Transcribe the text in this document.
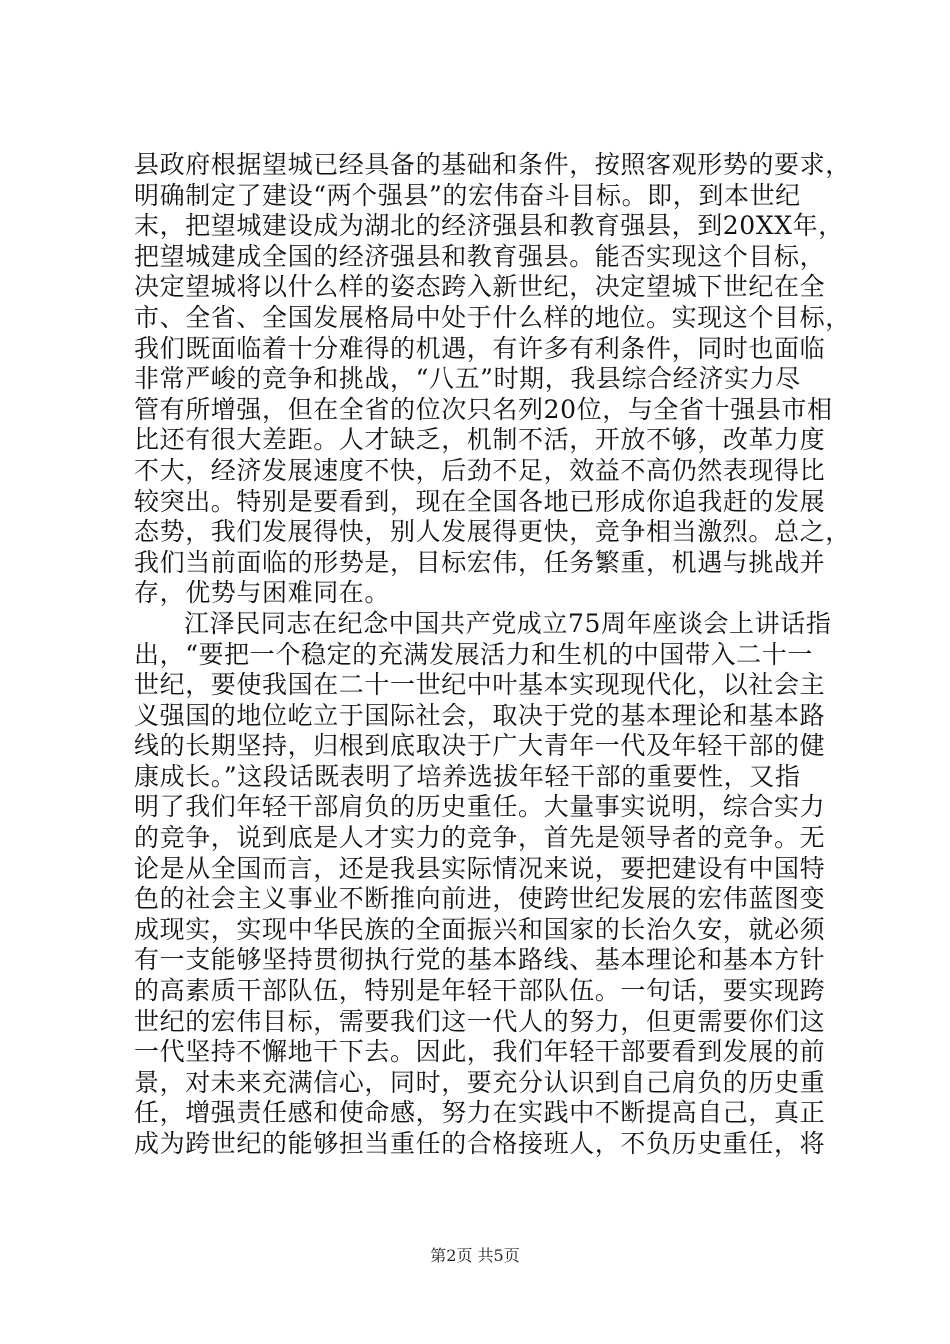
县政府根据望城已经具备的基础和条件，按照客观形势的要求，
明确制定了建设“两个强县”的宏伟奋斗目标。即，到本世纪
末，把望城建设成为湖北的经济强县和教育强县，到20XX年，
把望城建成全国的经济强县和教育强县。能否实现这个目标，
决定望城将以什么样的姿态跨入新世纪，决定望城下世纪在全
市、全省、全国发展格局中处于什么样的地位。实现这个目标，
我们既面临着十分难得的机遇，有许多有利条件，同时也面临
非常严峻的竞争和挑战，“八五”时期，我县综合经济实力尽
管有所增强，但在全省的位次只名列20位，与全省十强县市相
比还有很大差距。人才缺乏，机制不活，开放不够，改革力度
不大，经济发展速度不快，后劲不足，效益不高仍然表现得比
较突出。特别是要看到，现在全国各地已形成你追我赶的发展
态势，我们发展得快，别人发展得更快，竞争相当激烈。总之，
我们当前面临的形势是，目标宏伟，任务繁重，机遇与挑战并
存，优势与困难同在。
江泽民同志在纪念中国共产党成立75周年座谈会上讲话指
出，“要把一个稳定的充满发展活力和生机的中国带入二十一
世纪，要使我国在二十一世纪中叶基本实现现代化，以社会主
义强国的地位屹立于国际社会，取决于党的基本理论和基本路
线的长期坚持，归根到底取决于广大青年一代及年轻干部的健
康成长。”这段话既表明了培养选拔年轻干部的重要性，又指
明了我们年轻干部肩负的历史重任。大量事实说明，综合实力
的竞争，说到底是人才实力的竞争，首先是领导者的竞争。无
论是从全国而言，还是我县实际情况来说，要把建设有中国特
色的社会主义事业不断推向前进，使跨世纪发展的宏伟蓝图变
成现实，实现中华民族的全面振兴和国家的长治久安，就必须
有一支能够坚持贯彻执行党的基本路线、基本理论和基本方针
的高素质干部队伍，特别是年轻干部队伍。一句话，要实现跨
世纪的宏伟目标，需要我们这一代人的努力，但更需要你们这
一代坚持不懈地干下去。因此，我们年轻干部要看到发展的前
景，对未来充满信心，同时，要充分认识到自己肩负的历史重
任，增强责任感和使命感，努力在实践中不断提高自己，真正
成为跨世纪的能够担当重任的合格接班人，不负历史重任，将
第2页 共5页
